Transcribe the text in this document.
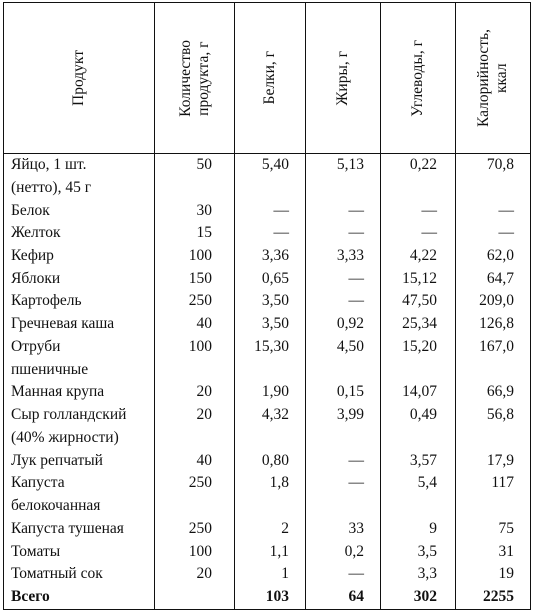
Продукт	Количество
продукта, г	Белки, г	Жиры, г	Углеводы, г	Калорийность,
ккал

Яйцо, 1 шт.
(нетто), 45 г	50	5,40	5,13	0,22	70,8
Белок	30	—	—	—	—
Желток	15	—	—	—	—
Кефир	100	3,36	3,33	4,22	62,0
Яблоки	150	0,65	—	15,12	64,7
Картофель	250	3,50	—	47,50	209,0
Гречневая каша	40	3,50	0,92	25,34	126,8
Отруби
пшеничные	100	15,30	4,50	15,20	167,0
Манная крупа	20	1,90	0,15	14,07	66,9
Сыр голландский
(40% жирности)	20	4,32	3,99	0,49	56,8
Лук репчатый	40	0,80	—	3,57	17,9
Капуста
белокочанная	250	1,8	—	5,4	117
Капуста тушеная	250	2	33	9	75
Томаты	100	1,1	0,2	3,5	31
Томатный сок	20	1	—	3,3	19
Всего		103	64	302	2255
